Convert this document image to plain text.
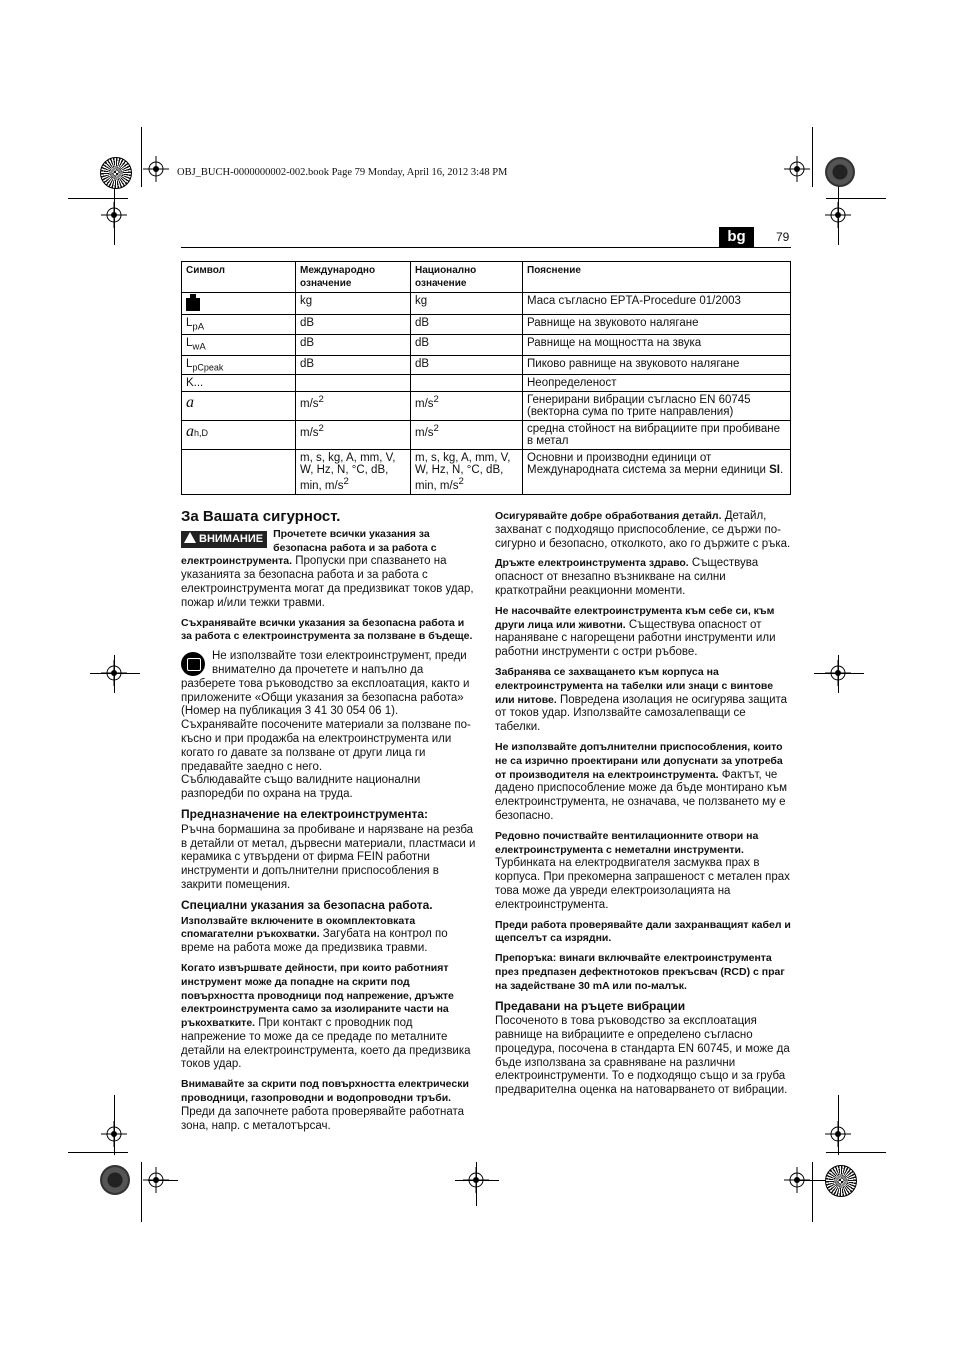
OBJ_BUCH-0000000002-002.book Page 79 Monday, April 16, 2012 3:48 PM
bg	79
Символ	Международно означение	Национално означение	Пояснение
	kg	kg	Маса съгласно EPTA-Procedure 01/2003
$L_{pA}$	dB	dB	Равнище на звуковото налягане
$L_{wA}$	dB	dB	Равнище на мощността на звука
$L_{pCpeak}$	dB	dB	Пиково равнище на звуковото налягане
K...			Неопределеност
a	$m/s^2$	$m/s^2$	Генерирани вибрации съгласно EN 60745 (векторна сума по трите направления)
ah,D	$m/s^2$	$m/s^2$	средна стойност на вибрациите при пробиване в метал
	m, s, kg, A, mm, V, W, Hz, N, °C, dB, min, $m/s^2$	m, s, kg, A, mm, V, W, Hz, N, °C, dB, min, $m/s^2$	Основни и производни единици от Международната система за мерни единици SI.
За Вашата сигурност.

ВНИМАНИЕ Прочетете всички указания за безопасна работа и за работа с електроинструмента. Пропуски при спазването на указанията за безопасна работа и за работа с електроинструмента могат да предизвикат токов удар, пожар и/или тежки травми.

Съхранявайте всички указания за безопасна работа и за работа с електроинструмента за ползване в бъдеще.

Не използвайте този електроинструмент, преди внимателно да прочетете и напълно да разберете това ръководство за експлоатация, както и приложените «Общи указания за безопасна работа» (Номер на публикация 3 41 30 054 06 1). Съхранявайте посочените материали за ползване по-късно и при продажба на електроинструмента или когато го давате за ползване от други лица ги предавайте заедно с него.

Съблюдавайте също валидните национални разпоредби по охрана на труда.

Предназначение на електроинструмента:

Ръчна бормашина за пробиване и нарязване на резба в детайли от метал, дървесни материали, пластмаси и керамика с утвърдени от фирма FEIN работни инструменти и допълнителни приспособления в закрити помещения.

Специални указания за безопасна работа.

Използвайте включените в окомплектовката спомагателни ръкохватки. Загубата на контрол по време на работа може да предизвика травми.

Когато извършвате дейности, при които работният инструмент може да попадне на скрити под повърхността проводници под напрежение, дръжте електроинструмента само за изолираните части на ръкохватките. При контакт с проводник под напрежение то може да се предаде по металните детайли на електроинструмента, което да предизвика токов удар.

Внимавайте за скрити под повърхността електрически проводници, газопроводни и водопроводни тръби. Преди да започнете работа проверявайте работната зона, напр. с металотърсач.

Осигурявайте добре обработвания детайл. Детайл, захванат с подходящо приспособление, се държи по-сигурно и безопасно, отколкото, ако го държите с ръка.

Дръжте електроинструмента здраво. Съществува опасност от внезапно възникване на силни краткотрайни реакционни моменти.

Не насочвайте електроинструмента към себе си, към други лица или животни. Съществува опасност от нараняване с нагорещени работни инструменти или работни инструменти с остри ръбове.

Забранява се захващането към корпуса на електроинструмента на табелки или знаци с винтове или нитове. Повредена изолация не осигурява защита от токов удар. Използвайте самозалепващи се табелки.

Не използвайте допълнителни приспособления, които не са изрично проектирани или допуснати за употреба от производителя на електроинструмента. Фактът, че дадено приспособление може да бъде монтирано към електроинструмента, не означава, че ползването му е безопасно.

Редовно почиствайте вентилационните отвори на електроинструмента с неметални инструменти. Турбинката на електродвигателя засмуква прах в корпуса. При прекомерна запрашеност с метален прах това може да увреди електроизолацията на електроинструмента.

Преди работа проверявайте дали захранващият кабел и щепселът са изрядни.

Препоръка: винаги включвайте електроинструмента през предпазен дефектнотоков прекъсвач (RCD) с праг на задействане 30 mA или по-малък.

Предавани на ръцете вибрации

Посоченото в това ръководство за експлоатация равнище на вибрациите е определено съгласно процедура, посочена в стандарта EN 60745, и може да бъде използвана за сравняване на различни електроинструменти. То е подходящо също и за груба предварителна оценка на натоварването от вибрации.
